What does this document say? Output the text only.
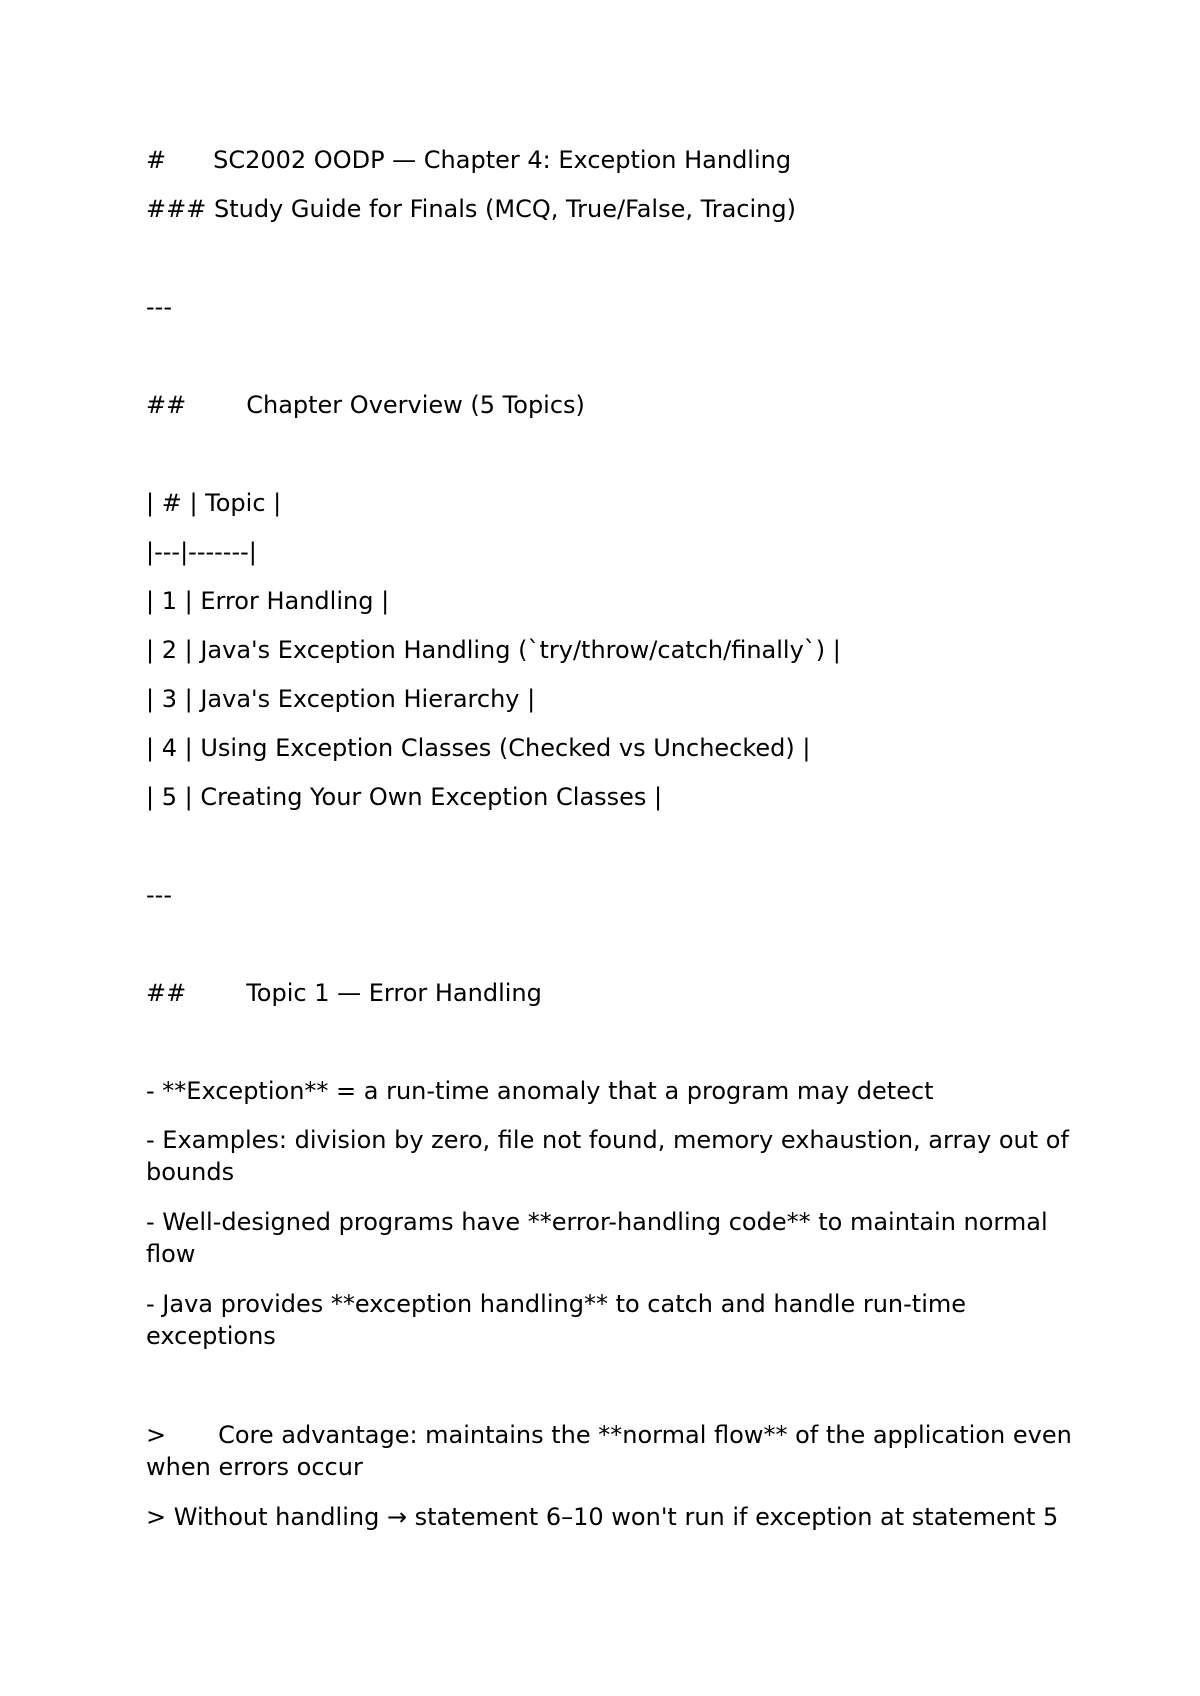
# SC2002 OODP — Chapter 4: Exception Handling
### Study Guide for Finals (MCQ, True/False, Tracing)
---
##	Chapter Overview (5 Topics)
| # | Topic |
|---|-------|
| 1 | Error Handling |
| 2 | Java's Exception Handling (`try/throw/catch/finally`) |
| 3 | Java's Exception Hierarchy |
| 4 | Using Exception Classes (Checked vs Unchecked) |
| 5 | Creating Your Own Exception Classes |
---
##	Topic 1 — Error Handling
- **Exception** = a run-time anomaly that a program may detect
- Examples: division by zero, file not found, memory exhaustion, array out of bounds
- Well-designed programs have **error-handling code** to maintain normal flow
- Java provides **exception handling** to catch and handle run-time exceptions
> Core advantage: maintains the **normal flow** of the application even when errors occur
> Without handling → statement 6–10 won't run if exception at statement 5
